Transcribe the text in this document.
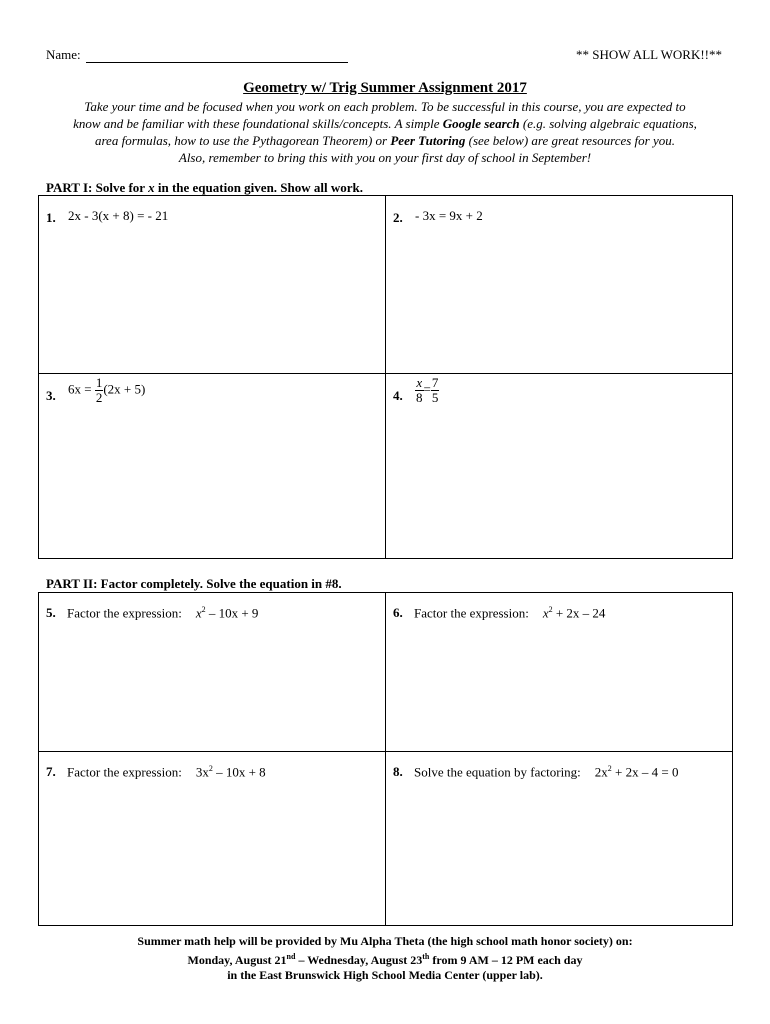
Name:	** SHOW ALL WORK!!**
Geometry w/ Trig Summer Assignment 2017
Take your time and be focused when you work on each problem. To be successful in this course, you are expected to
know and be familiar with these foundational skills/concepts. A simple Google search (e.g. solving algebraic equations,
area formulas, how to use the Pythagorean Theorem) or Peer Tutoring (see below) are great resources for you.
Also, remember to bring this with you on your first day of school in September!
PART I: Solve for x in the equation given. Show all work.
1. 2x - 3(x + 8) = - 21	2. - 3x = 9x + 2
3. $6x = \frac{1}{2} (2x + 5)$	4. $\frac{x}{8} = \frac{7}{5}$
PART II: Factor completely. Solve the equation in #8.
5. Factor the expression: $x^2 - 10x + 9$	6. Factor the expression: $x^2 + 2x - 24$
7. Factor the expression: $3x^2 - 10x + 8$	8. Solve the equation by factoring: $2x^2 + 2x - 4 = 0$
Summer math help will be provided by Mu Alpha Theta (the high school math honor society) on:
Monday, August 21nd – Wednesday, August 23th from 9 AM – 12 PM each day
in the East Brunswick High School Media Center (upper lab).
